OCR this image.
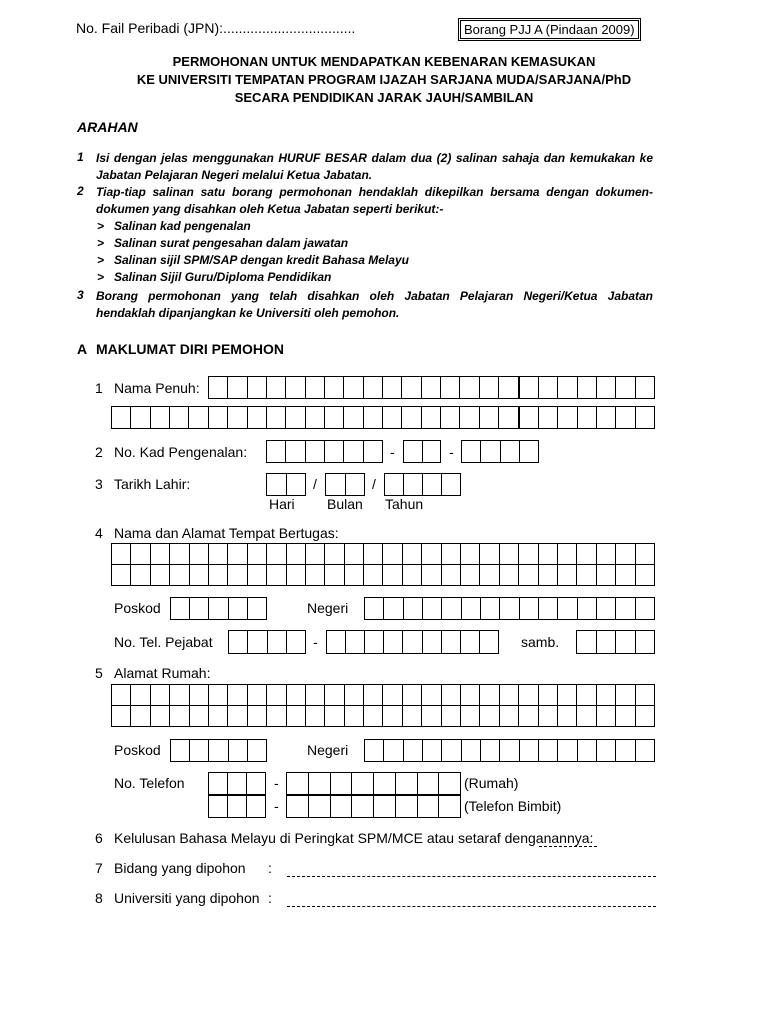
No. Fail Peribadi (JPN):..................................	Borang PJJ A (Pindaan 2009)
PERMOHONAN UNTUK MENDAPATKAN KEBENARAN KEMASUKAN
KE UNIVERSITI TEMPATAN PROGRAM IJAZAH SARJANA MUDA/SARJANA/PhD
SECARA PENDIDIKAN JARAK JAUH/SAMBILAN
ARAHAN
1 Isi dengan jelas menggunakan HURUF BESAR dalam dua (2) salinan sahaja dan kemukakan ke Jabatan Pelajaran Negeri melalui Ketua Jabatan.
2 Tiap-tiap salinan satu borang permohonan hendaklah dikepilkan bersama dengan dokumen-dokumen yang disahkan oleh Ketua Jabatan seperti berikut:-
> Salinan kad pengenalan
> Salinan surat pengesahan dalam jawatan
> Salinan sijil SPM/SAP dengan kredit Bahasa Melayu
> Salinan Sijil Guru/Diploma Pendidikan
3 Borang permohonan yang telah disahkan oleh Jabatan Pelajaran Negeri/Ketua Jabatan hendaklah dipanjangkan ke Universiti oleh pemohon.
A MAKLUMAT DIRI PEMOHON
1 Nama Penuh:
2 No. Kad Pengenalan:	-	-
3 Tarikh Lahir:	/	/
Hari Bulan Tahun
4 Nama dan Alamat Tempat Bertugas:
Poskod	Negeri
No. Tel. Pejabat	-	samb.
5 Alamat Rumah:
Poskod	Negeri
No. Telefon	-	(Rumah)
-	(Telefon Bimbit)
6 Kelulusan Bahasa Melayu di Peringkat SPM/MCE atau setaraf denganannya:
7 Bidang yang dipohon :
8 Universiti yang dipohon :
